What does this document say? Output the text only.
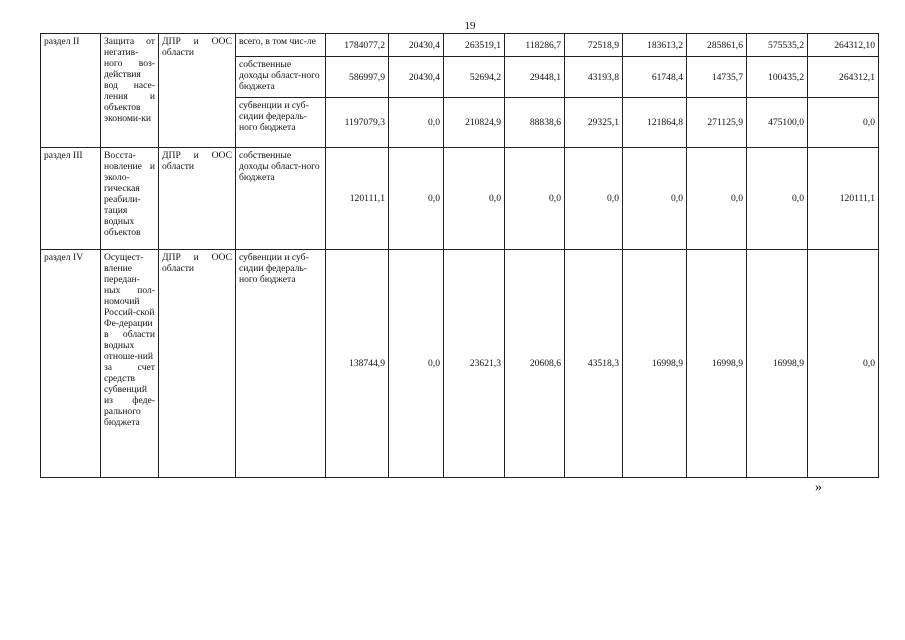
19
раздел II	Защита от негатив-ного воз-действия вод насе-ления и объектов экономи-ки	ДПР и ООС области	всего, в том чис-ле	1784077,2	20430,4	263519,1	118286,7	72518,9	183613,2	285861,6	575535,2	264312,10
			собственные доходы област-ного бюджета	586997,9	20430,4	52694,2	29448,1	43193,8	61748,4	14735,7	100435,2	264312,1
			субвенции и суб-сидии федераль-ного бюджета	1197079,3	0,0	210824,9	88838,6	29325,1	121864,8	271125,9	475100,0	0,0
раздел III	Восста-новление и эколо-гическая реабили-тация водных объектов	ДПР и ООС области	собственные доходы област-ного бюджета	120111,1	0,0	0,0	0,0	0,0	0,0	0,0	0,0	120111,1
раздел IV	Осущест-вление передан-ных пол-номочий Россий-ской Фе-дерации в области водных отноше-ний за счет средств субвенций из феде-рального бюджета	ДПР и ООС области	субвенции и суб-сидии федераль-ного бюджета	138744,9	0,0	23621,3	20608,6	43518,3	16998,9	16998,9	16998,9	0,0
»
